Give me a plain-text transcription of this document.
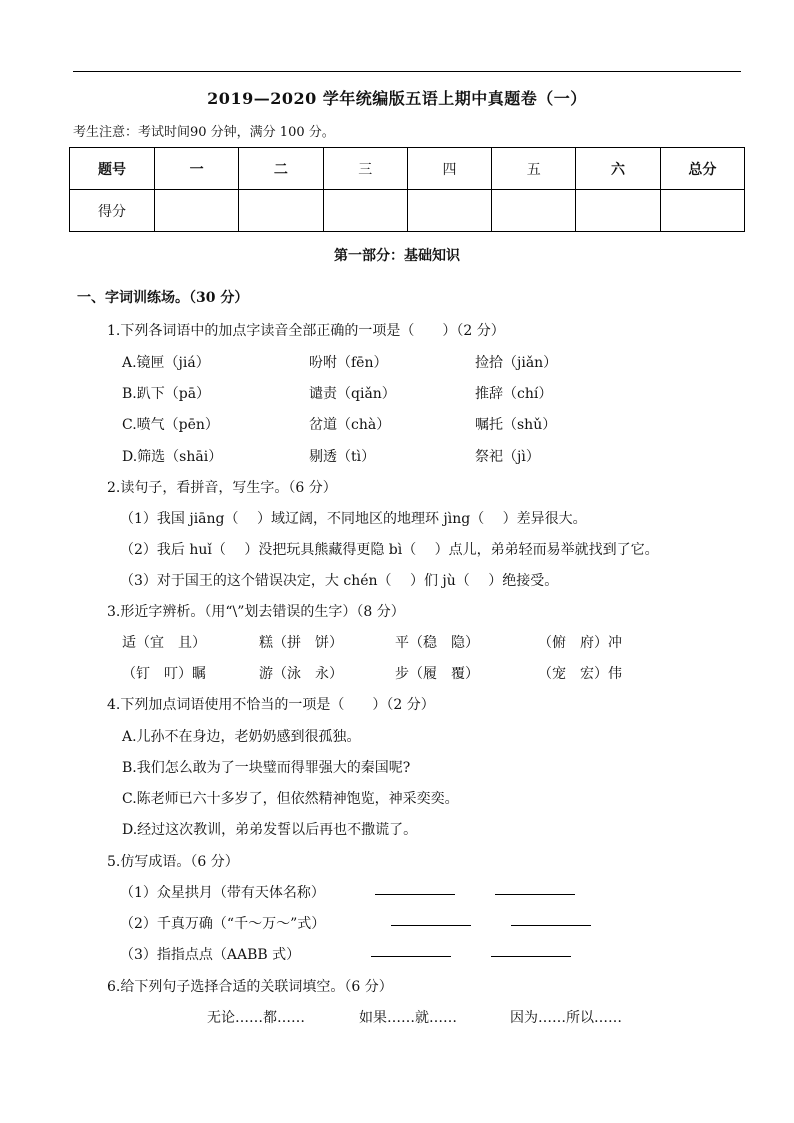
2019—2020 学年统编版五语上期中真题卷（一）
考生注意：考试时间90 分钟，满分 100 分。
题号	一	二	三	四	五	六	总分
得分							
第一部分：基础知识
一、字词训练场。（30 分）
1.下列各词语中的加点字读音全部正确的一项是（　　）（2 分）
A.镜匣（jiá）	吩咐（fēn）	捡拾（jiǎn）
B.趴下（pā）	谴责（qiǎn）	推辞（chí）
C.喷气（pēn）	岔道（chà）	嘱托（shǔ）
D.筛选（shāi）	剔透（tì）	祭祀（jì）
2.读句子，看拼音，写生字。（6 分）
（1）我国 jiāng（　 ）域辽阔，不同地区的地理环 jìng（　 ）差异很大。
（2）我后 huǐ（　 ）没把玩具熊藏得更隐 bì（　 ）点儿，弟弟轻而易举就找到了它。
（3）对于国王的这个错误决定，大 chén（　 ）们 jù（　 ）绝接受。
3.形近字辨析。（用“\”划去错误的生字）（8 分）
适（宜　且）	糕（拼　饼）	平（稳　隐）	（俯　府）冲
（钉　叮）瞩	游（泳　永）	步（履　覆）	（宠　宏）伟
4.下列加点词语使用不恰当的一项是（　　）（2 分）
A.儿孙不在身边，老奶奶感到很孤独。
B.我们怎么敢为了一块璧而得罪强大的秦国呢?
C.陈老师已六十多岁了，但依然精神饱览，神采奕奕。
D.经过这次教训，弟弟发誓以后再也不撒谎了。
5.仿写成语。（6 分）
（1）众星拱月（带有天体名称）
（2）千真万确（“千～万～”式）
（3）指指点点（AABB 式）
6.给下列句子选择合适的关联词填空。（6 分）
无论……都……	如果……就……	因为……所以……
